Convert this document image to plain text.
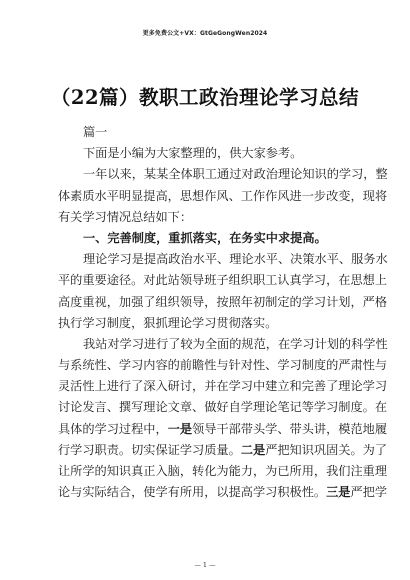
更多免费公文+VX：GtGeGongWen2024
（22篇）教职工政治理论学习总结
篇一
下面是小编为大家整理的，供大家参考。
一年以来，某某全体职工通过对政治理论知识的学习，整
体素质水平明显提高，思想作风、工作作风进一步改变，现将
有关学习情况总结如下：
一、完善制度，重抓落实，在务实中求提高。
理论学习是提高政治水平、理论水平、决策水平、服务水
平的重要途径。对此站领导班子组织职工认真学习，在思想上
高度重视，加强了组织领导，按照年初制定的学习计划，严格
执行学习制度，狠抓理论学习贯彻落实。
我站对学习进行了较为全面的规范，在学习计划的科学性
与系统性、学习内容的前瞻性与针对性、学习制度的严肃性与
灵活性上进行了深入研讨，并在学习中建立和完善了理论学习
讨论发言、撰写理论文章、做好自学理论笔记等学习制度。在
具体的学习过程中，一是领导干部带头学、带头讲，模范地履
行学习职责。切实保证学习质量。二是严把知识巩固关。为了
让所学的知识真正入脑，转化为能力，为已所用，我们注重理
论与实际结合，使学有所用，以提高学习积极性。三是严把学
— 1 —
